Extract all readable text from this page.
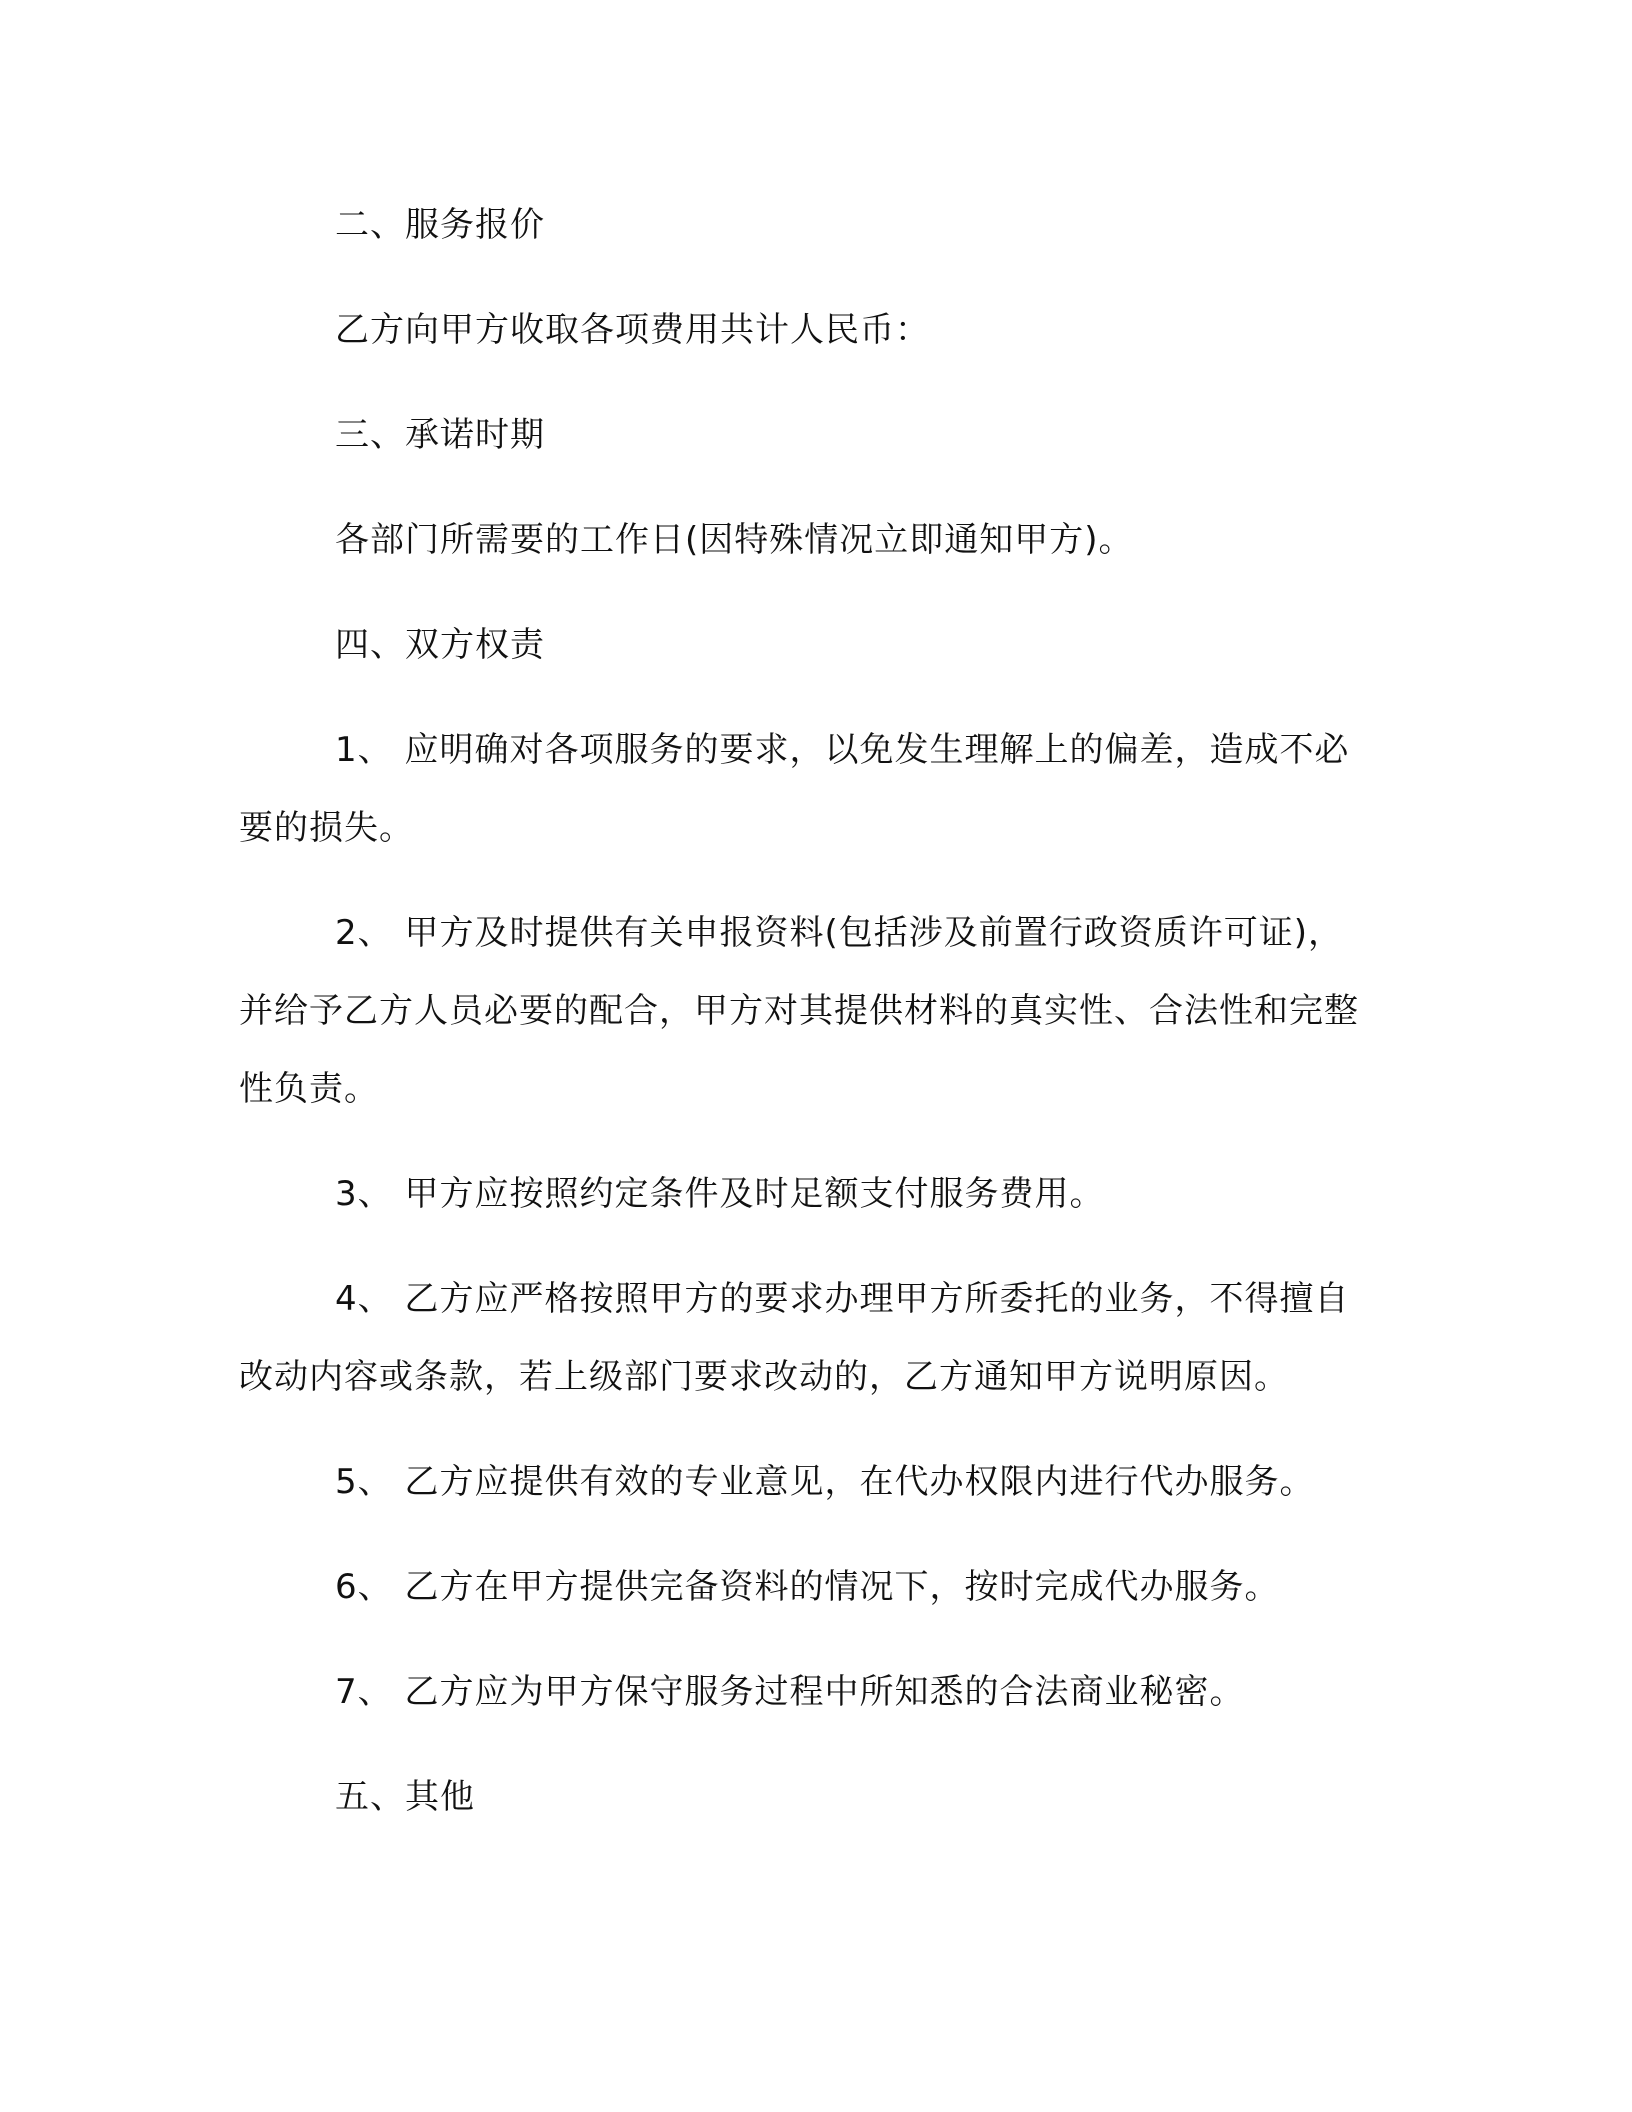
二、服务报价

乙方向甲方收取各项费用共计人民币：

三、承诺时期

各部门所需要的工作日(因特殊情况立即通知甲方)。

四、双方权责

1、 应明确对各项服务的要求，以免发生理解上的偏差，造成不必要的损失。

2、 甲方及时提供有关申报资料(包括涉及前置行政资质许可证)，并给予乙方人员必要的配合，甲方对其提供材料的真实性、合法性和完整性负责。

3、 甲方应按照约定条件及时足额支付服务费用。

4、 乙方应严格按照甲方的要求办理甲方所委托的业务，不得擅自改动内容或条款，若上级部门要求改动的，乙方通知甲方说明原因。

5、 乙方应提供有效的专业意见，在代办权限内进行代办服务。

6、 乙方在甲方提供完备资料的情况下，按时完成代办服务。

7、 乙方应为甲方保守服务过程中所知悉的合法商业秘密。

五、其他
